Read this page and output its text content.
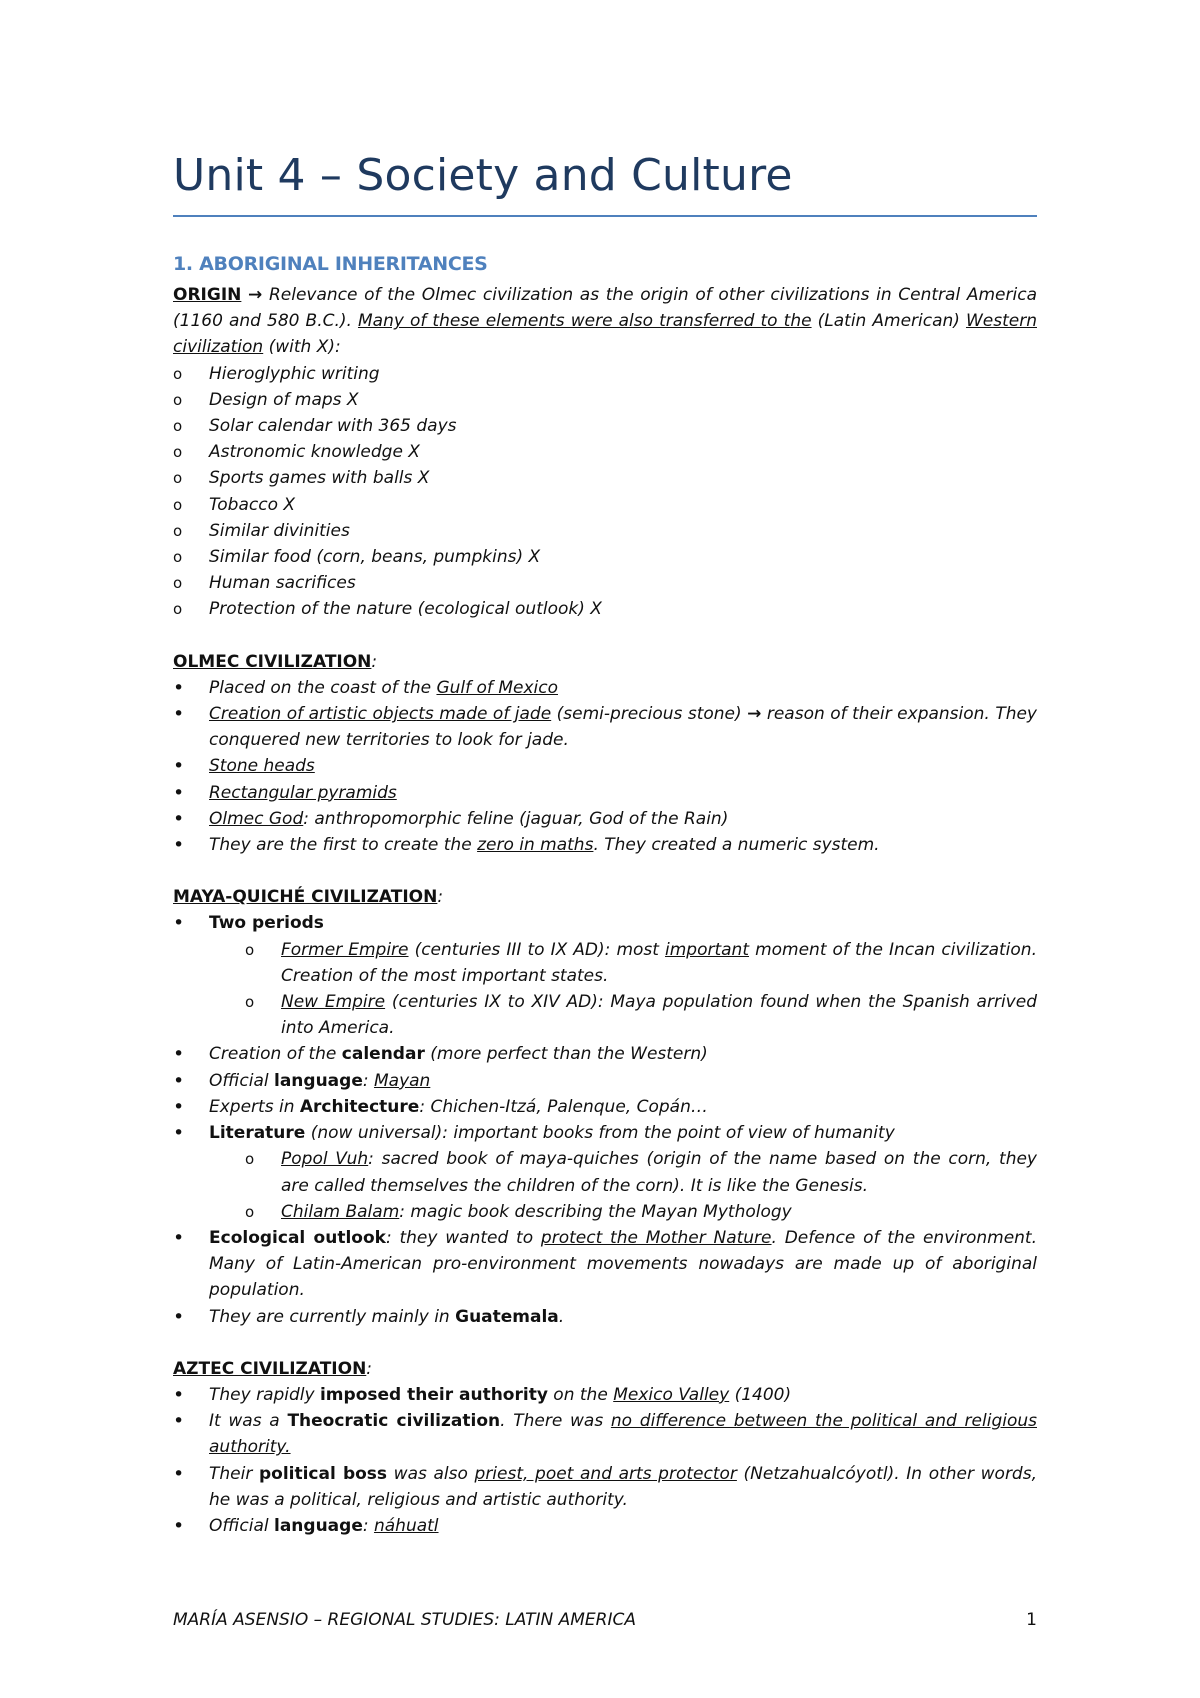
Unit 4 – Society and Culture
1. ABORIGINAL INHERITANCES

ORIGIN → Relevance of the Olmec civilization as the origin of other civilizations in Central America (1160 and 580 B.C.). Many of these elements were also transferred to the (Latin American) Western civilization (with X):

o Hieroglyphic writing
o Design of maps X
o Solar calendar with 365 days
o Astronomic knowledge X
o Sports games with balls X
o Tobacco X
o Similar divinities
o Similar food (corn, beans, pumpkins) X
o Human sacrifices
o Protection of the nature (ecological outlook) X

OLMEC CIVILIZATION:

• Placed on the coast of the Gulf of Mexico
• Creation of artistic objects made of jade (semi-precious stone) → reason of their expansion. They conquered new territories to look for jade.
• Stone heads
• Rectangular pyramids
• Olmec God: anthropomorphic feline (jaguar, God of the Rain)
• They are the first to create the zero in maths. They created a numeric system.

MAYA-QUICHÉ CIVILIZATION:

• Two periods
o Former Empire (centuries III to IX AD): most important moment of the Incan civilization. Creation of the most important states.
o New Empire (centuries IX to XIV AD): Maya population found when the Spanish arrived into America.
• Creation of the calendar (more perfect than the Western)
• Official language: Mayan
• Experts in Architecture: Chichen-Itzá, Palenque, Copán…
• Literature (now universal): important books from the point of view of humanity
o Popol Vuh: sacred book of maya-quiches (origin of the name based on the corn, they are called themselves the children of the corn). It is like the Genesis.
o Chilam Balam: magic book describing the Mayan Mythology
• Ecological outlook: they wanted to protect the Mother Nature. Defence of the environment. Many of Latin-American pro-environment movements nowadays are made up of aboriginal population.
• They are currently mainly in Guatemala.

AZTEC CIVILIZATION:

• They rapidly imposed their authority on the Mexico Valley (1400)
• It was a Theocratic civilization. There was no difference between the political and religious authority.
• Their political boss was also priest, poet and arts protector (Netzahualcóyotl). In other words, he was a political, religious and artistic authority.
• Official language: náhuatl
MARÍA ASENSIO – REGIONAL STUDIES: LATIN AMERICA	1
